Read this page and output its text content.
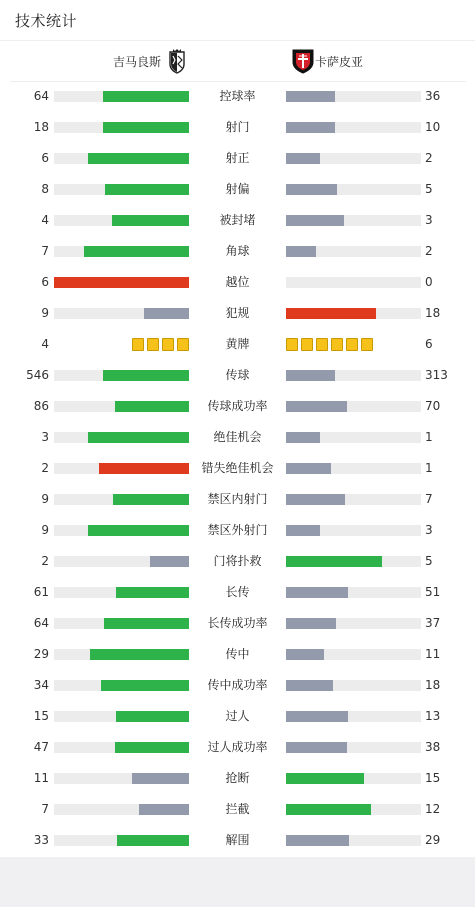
技术统计
吉马良斯	卡萨皮亚
64	控球率	36
18	射门	10
6	射正	2
8	射偏	5
4	被封堵	3
7	角球	2
6	越位	0
9	犯规	18
4	黄牌	6
546	传球	313
86	传球成功率	70
3	绝佳机会	1
2	错失绝佳机会	1
9	禁区内射门	7
9	禁区外射门	3
2	门将扑救	5
61	长传	51
64	长传成功率	37
29	传中	11
34	传中成功率	18
15	过人	13
47	过人成功率	38
11	抢断	15
7	拦截	12
33	解围	29
